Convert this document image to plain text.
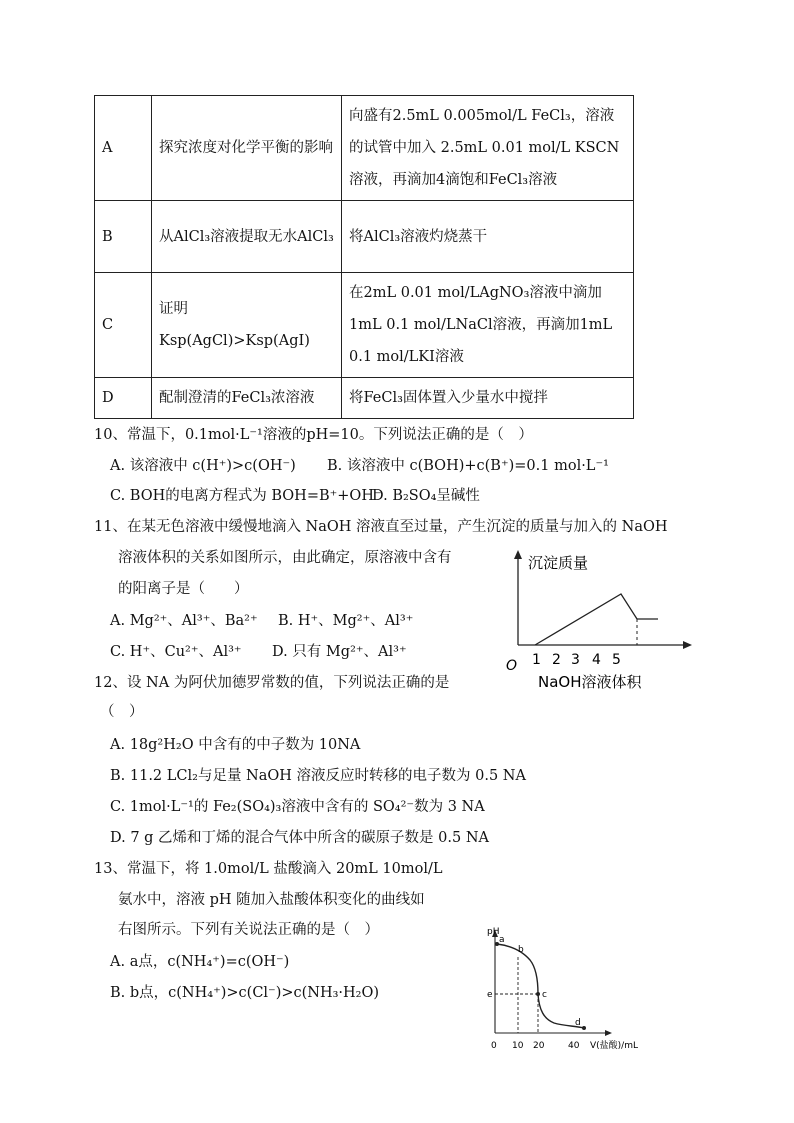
A	探究浓度对化学平衡的影响	向盛有2.5mL 0.005mol/L FeCl₃，溶液的试管中加入 2.5mL 0.01 mol/L KSCN溶液，再滴加4滴饱和FeCl₃溶液
B	从AlCl₃溶液提取无水AlCl₃	将AlCl₃溶液灼烧蒸干
C	证明Ksp(AgCl)>Ksp(AgI)	在2mL 0.01 mol/LAgNO₃溶液中滴加1mL 0.1 mol/LNaCl溶液，再滴加1mL 0.1 mol/LKI溶液
D	配制澄清的FeCl₃浓溶液	将FeCl₃固体置入少量水中搅拌
10、常温下，0.1mol·L⁻¹溶液的pH=10。下列说法正确的是（　）
A. 该溶液中 c(H⁺)>c(OH⁻) B. 该溶液中 c(BOH)+c(B⁺)=0.1 mol·L⁻¹
C. BOH的电离方程式为 BOH=B⁺+OH⁻
D. B₂SO₄呈碱性
11、在某无色溶液中缓慢地滴入 NaOH 溶液直至过量，产生沉淀的质量与加入的 NaOH
溶液体积的关系如图所示，由此确定，原溶液中含有
的阳离子是（　　）
A. Mg²⁺、Al³⁺、Ba²⁺ B. H⁺、Mg²⁺、Al³⁺
C. H⁺、Cu²⁺、Al³⁺ D. 只有 Mg²⁺、Al³⁺
沉淀质量
O 1 2 3 4 5
NaOH溶液体积
12、设 NA 为阿伏加德罗常数的值，下列说法正确的是
（　）
A. 18g²H₂O 中含有的中子数为 10NA
B. 11.2 LCl₂与足量 NaOH 溶液反应时转移的电子数为 0.5 NA
C. 1mol·L⁻¹的 Fe₂(SO₄)₃溶液中含有的 SO₄²⁻数为 3 NA
D. 7 g 乙烯和丁烯的混合气体中所含的碳原子数是 0.5 NA
13、常温下，将 1.0mol/L 盐酸滴入 20mL 10mol/L
氨水中，溶液 pH 随加入盐酸体积变化的曲线如
右图所示。下列有关说法正确的是（　）
A. a点，c(NH₄⁺)=c(OH⁻)
B. b点，c(NH₄⁺)>c(Cl⁻)>c(NH₃·H₂O)
pH
a
b
c
d
e
0 10 20	40 V(盐酸)/mL
